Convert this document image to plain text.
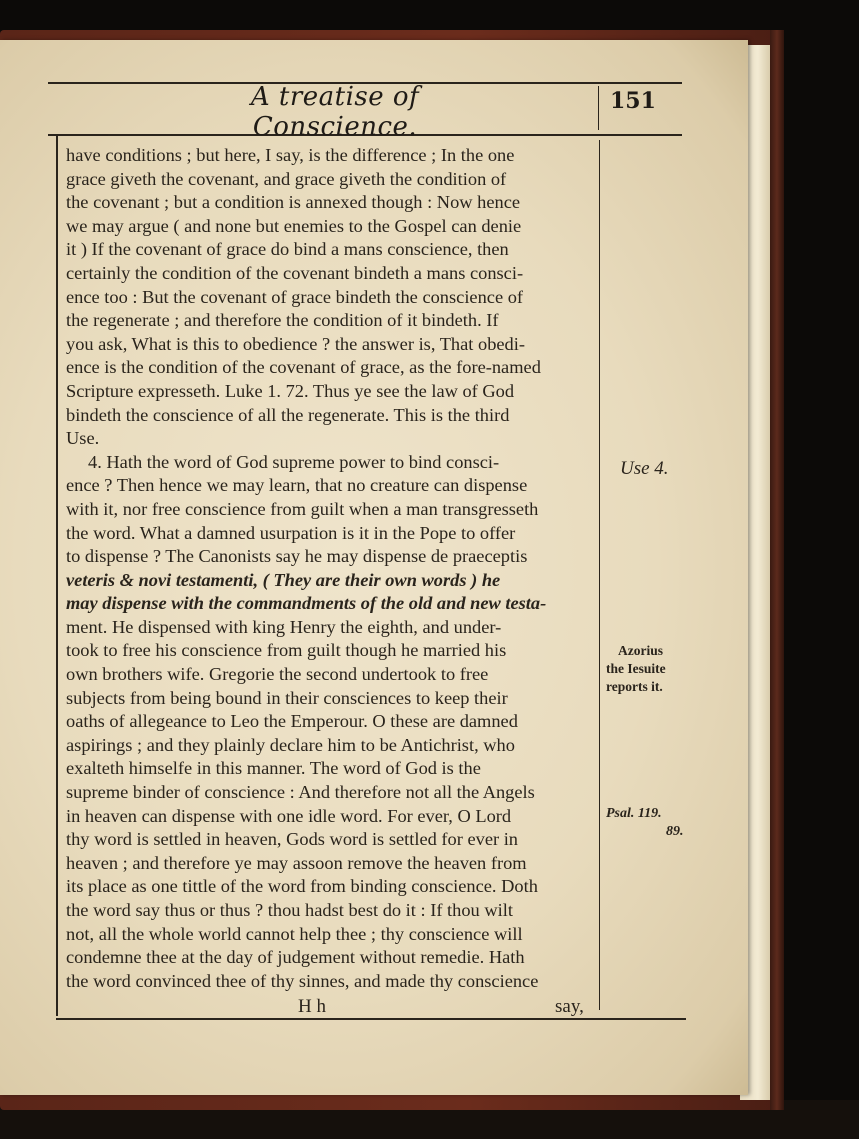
A treatise of Conscience.
151
have conditions ; but here, I say, is the difference ; In the one
grace giveth the covenant, and grace giveth the condition of
the covenant ; but a condition is annexed though : Now hence
we may argue ( and none but enemies to the Gospel can denie
it ) If the covenant of grace do bind a mans conscience, then
certainly the condition of the covenant bindeth a mans consci-
ence too : But the covenant of grace bindeth the conscience of
the regenerate ; and therefore the condition of it bindeth. If
you ask, What is this to obedience ? the answer is, That obedi-
ence is the condition of the covenant of grace, as the fore-named
Scripture expresseth. Luke 1. 72. Thus ye see the law of God
bindeth the conscience of all the regenerate. This is the third
Use.
4. Hath the word of God supreme power to bind consci-
ence ? Then hence we may learn, that no creature can dispense
with it, nor free conscience from guilt when a man transgresseth
the word. What a damned usurpation is it in the Pope to offer
to dispense ? The Canonists say he may dispense de praeceptis
veteris & novi testamenti, ( They are their own words ) he
may dispense with the commandments of the old and new testa-
ment. He dispensed with king Henry the eighth, and under-
took to free his conscience from guilt though he married his
own brothers wife. Gregorie the second undertook to free
subjects from being bound in their consciences to keep their
oaths of allegeance to Leo the Emperour. O these are damned
aspirings ; and they plainly declare him to be Antichrist, who
exalteth himselfe in this manner. The word of God is the
supreme binder of conscience : And therefore not all the Angels
in heaven can dispense with one idle word. For ever, O Lord
thy word is settled in heaven, Gods word is settled for ever in
heaven ; and therefore ye may assoon remove the heaven from
its place as one tittle of the word from binding conscience. Doth
the word say thus or thus ? thou hadst best do it : If thou wilt
not, all the whole world cannot help thee ; thy conscience will
condemne thee at the day of judgement without remedie. Hath
the word convinced thee of thy sinnes, and made thy conscience
Use 4.
Azorius
the Iesuite
reports it.
Psal. 119.
89.
H h	say,
